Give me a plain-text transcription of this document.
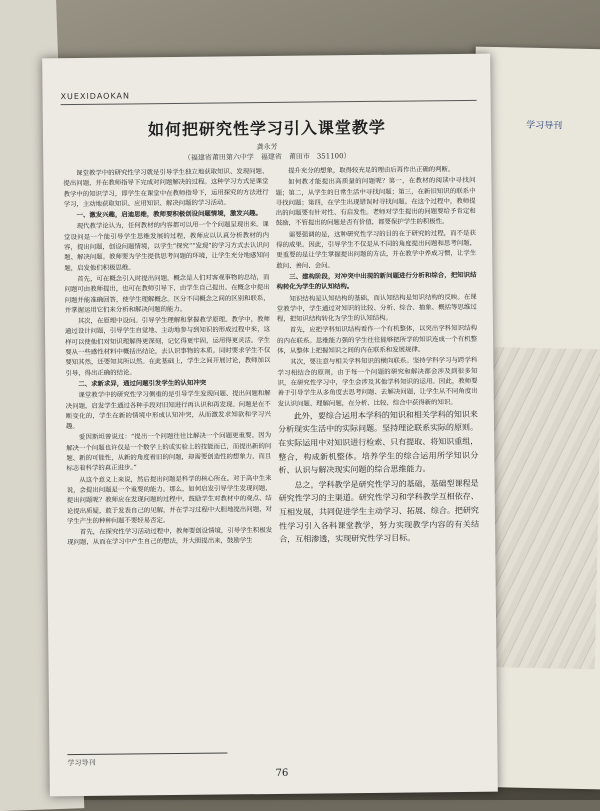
学习导刊
XUEXIDAOKAN
如何把研究性学习引入课堂教学
龚永芳
（福建省莆田第六中学　福建省　莆田市　351100）

课堂教学中的研究性学习就是引导学生独立地获取知识、发现问题、提出问题，并在教师指导下完成对问题解决的过程。这种学习方式是课堂教学中的知识学习，即学生在课堂中在教师指导下，运用探究的方法进行学习，主动地获取知识、应用知识、解决问题的学习活动。

一、激发兴趣，启迪思维，教师要积极创设问题情境，激发兴趣。

现代教学论认为，任何教材的内容都可以用一个个问题呈现出来。课堂设问是一个能引导学生思维发展的过程，教师应以认真分析教材的内容，提出问题，创设问题情境，以学生“探究”“发现”的学习方式去认识问题、解决问题。教师要为学生提供思考问题的环境，让学生充分地感知问题，启发他们积极思维。

首先，可在概念引入时提出问题。概念是人们对客观事物的总结，而问题可由教师提出，也可在教师引导下，由学生自己提出。在概念中提出问题并能准确回答，使学生理解概念。区分不同概念之间的区别和联系，并掌握运用它们来分析和解决问题的能力。

其次，在原理中设问。引导学生理解和掌握教学原理。教学中，教师通过设计问题，引导学生自觉地、主动地参与到知识的形成过程中来，这样可以使他们对知识理解得更深刻，记忆得更牢固，运用得更灵活。学生要从一些感性材料中概括出结论，去认识事物的本质。同时要求学生不仅要知其然，还要知其所以然。在此基础上，学生之间开展讨论，教师加以引导，得出正确的结论。

二、求新求异，通过问题引发学生的认知冲突

课堂教学中的研究性学习侧重的是引导学生发现问题、提出问题和解决问题，启发学生通过各种手段对旧知进行再认识和再发现。问题是在不断变化的，学生在新的情境中形成认知冲突，从而激发求知欲和学习兴趣。

爱因斯坦曾说过：“提出一个问题往往比解决一个问题更重要。因为解决一个问题也许仅是一个数学上的或实验上的技能而已，而提出新的问题、新的可能性，从新的角度看旧的问题，却需要创造性的想象力，而且标志着科学的真正进步。”

从这个意义上来说，然后提出问题是科学的核心所在。对于高中生来说，会提出问题是一个重要的能力。那么，如何启发引导学生发现问题，提出问题呢？教师应在发现问题的过程中，鼓励学生对教材中的观点、结论提出质疑，敢于发表自己的见解，并在学习过程中大胆地提出问题，对学生产生的种种问题不要轻易否定。

首先，在探究性学习活动过程中，教师要创设情境，引导学生积极发现问题，从而在学习中产生自己的想法，并大胆提出来，鼓励学生

提升充分的想象，取得较充足的理由后再作出正确的判断。

如何教才能提出高质量的问题呢？第一，在教材的阅读中寻找问题；第二，从学生的日常生活中寻找问题；第三，在新旧知识的联系中寻找问题；第四，在学生出现错误时寻找问题。在这个过程中，教师提出的问题要有针对性、有启发性。老师对学生提出的问题要给予肯定和鼓励，不管提出的问题是否有价值，都要保护学生的积极性。

需要强调的是，这种研究性学习的目的在于研究的过程，而不是获得的成果。因此，引导学生不仅是从不同的角度提出问题和思考问题，更重要的是让学生掌握提出问题的方法，并在教学中养成习惯，让学生敢问、善问、会问。

三、建构阶段，对冲突中出现的新问题进行分析和综合，把知识结构转化为学生的认知结构。

知识结构是认知结构的基础，而认知结构是知识结构的反映。在课堂教学中，学生通过对知识的比较、分析、综合、抽象、概括等思维过程，把知识结构转化为学生的认知结构。

首先，应把学科知识结构看作一个有机整体，以突出学科知识结构的内在联系。思维能力强的学生往往能够把所学的知识连成一个有机整体，从整体上把握知识之间的内在联系和发展规律。

其次，要注意与相关学科知识的横向联系。坚持学科学习与跨学科学习相结合的原则，由于每一个问题的研究和解决都会涉及到很多知识，在研究性学习中，学生会涉及其他学科知识的运用。因此，教师要善于引导学生从多角度去思考问题、去解决问题，让学生从不同角度出发认识问题、理解问题，在分析、比较、综合中获得新的知识。

此外，要综合运用本学科的知识和相关学科的知识来分析现实生活中的实际问题。坚持理论联系实际的原则。在实际运用中对知识进行检索、只有提取、将知识重组，整合，构成新机整体。培养学生的综合运用所学知识分析、认识与解决现实问题的综合思维能力。

总之，学科教学是研究性学习的基础，基础型课程是研究性学习的主渠道。研究性学习和学科教学互相依存、互相发展，共同促进学生主动学习、拓展、综合。把研究性学习引入各科课堂教学，努力实现教学内容的有关结合，互相渗透，实现研究性学习目标。

学习导刊
76
